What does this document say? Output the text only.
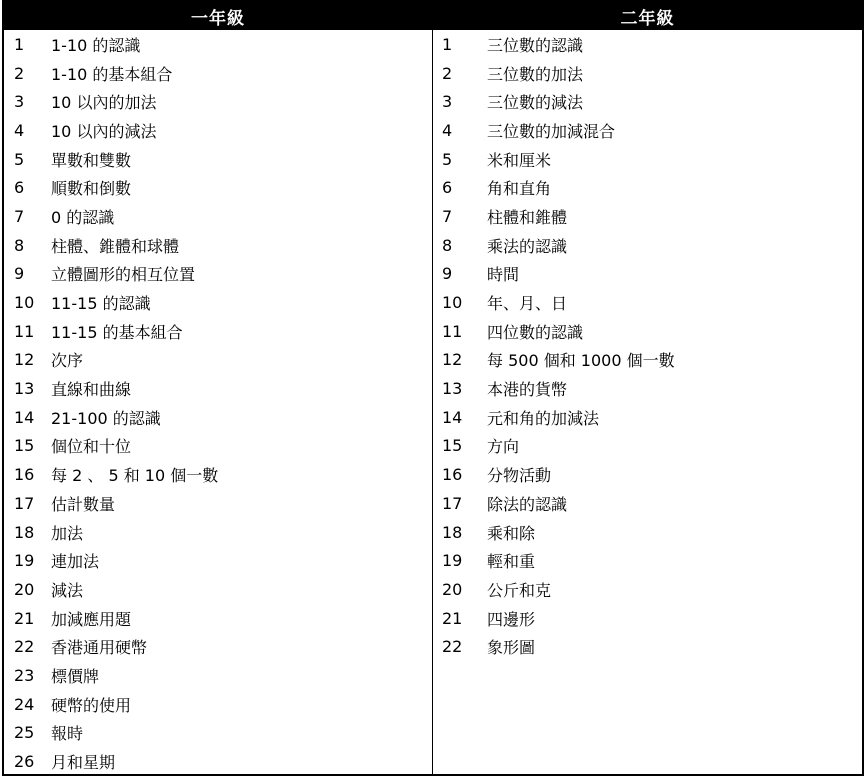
一年級
1	1-10 的認識
2	1-10 的基本組合
3	10 以內的加法
4	10 以內的減法
5	單數和雙數
6	順數和倒數
7	0 的認識
8	柱體、錐體和球體
9	立體圖形的相互位置
10	11-15 的認識
11	11-15 的基本組合
12	次序
13	直線和曲線
14	21-100 的認識
15	個位和十位
16	每 2 、 5 和 10 個一數
17	估計數量
18	加法
19	連加法
20	減法
21	加減應用題
22	香港通用硬幣
23	標價牌
24	硬幣的使用
25	報時
26	月和星期
二年級
1	三位數的認識
2	三位數的加法
3	三位數的減法
4	三位數的加減混合
5	米和厘米
6	角和直角
7	柱體和錐體
8	乘法的認識
9	時間
10	年、月、日
11	四位數的認識
12	每 500 個和 1000 個一數
13	本港的貨幣
14	元和角的加減法
15	方向
16	分物活動
17	除法的認識
18	乘和除
19	輕和重
20	公斤和克
21	四邊形
22	象形圖
